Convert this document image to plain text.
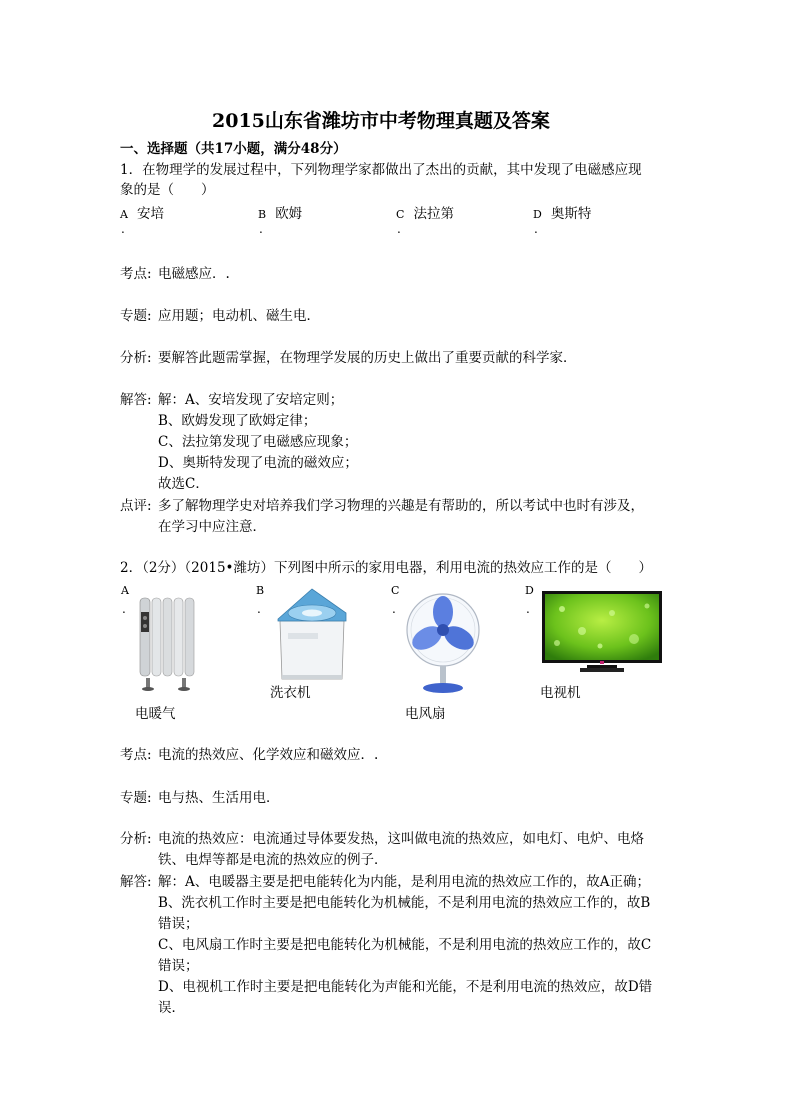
2015山东省潍坊市中考物理真题及答案
一、选择题（共17小题，满分48分）
1．在物理学的发展过程中，下列物理学家都做出了杰出的贡献，其中发现了电磁感应现
象的是（　　）
A 安培	B 欧姆	C 法拉第	D 奥斯特
.	.	.	.
考点: 电磁感应．.
专题: 应用题；电动机、磁生电．
分析: 要解答此题需掌握，在物理学发展的历史上做出了重要贡献的科学家．
解答: 解：A、安培发现了安培定则；
B、欧姆发现了欧姆定律；
C、法拉第发现了电磁感应现象；
D、奥斯特发现了电流的磁效应；
故选C．
点评: 多了解物理学史对培养我们学习物理的兴趣是有帮助的，所以考试中也时有涉及，
在学习中应注意．
2．（2分）（2015•潍坊）下列图中所示的家用电器，利用电流的热效应工作的是（　　）
A
.
B
.
C
.
D
.
电暖气
洗衣机
电风扇
电视机
考点: 电流的热效应、化学效应和磁效应．.
专题: 电与热、生活用电．
分析: 电流的热效应：电流通过导体要发热，这叫做电流的热效应，如电灯、电炉、电烙
铁、电焊等都是电流的热效应的例子．
解答: 解：A、电暖器主要是把电能转化为内能，是利用电流的热效应工作的，故A正确；
B、洗衣机工作时主要是把电能转化为机械能，不是利用电流的热效应工作的，故B
错误；
C、电风扇工作时主要是把电能转化为机械能，不是利用电流的热效应工作的，故C
错误；
D、电视机工作时主要是把电能转化为声能和光能，不是利用电流的热效应，故D错
误．
